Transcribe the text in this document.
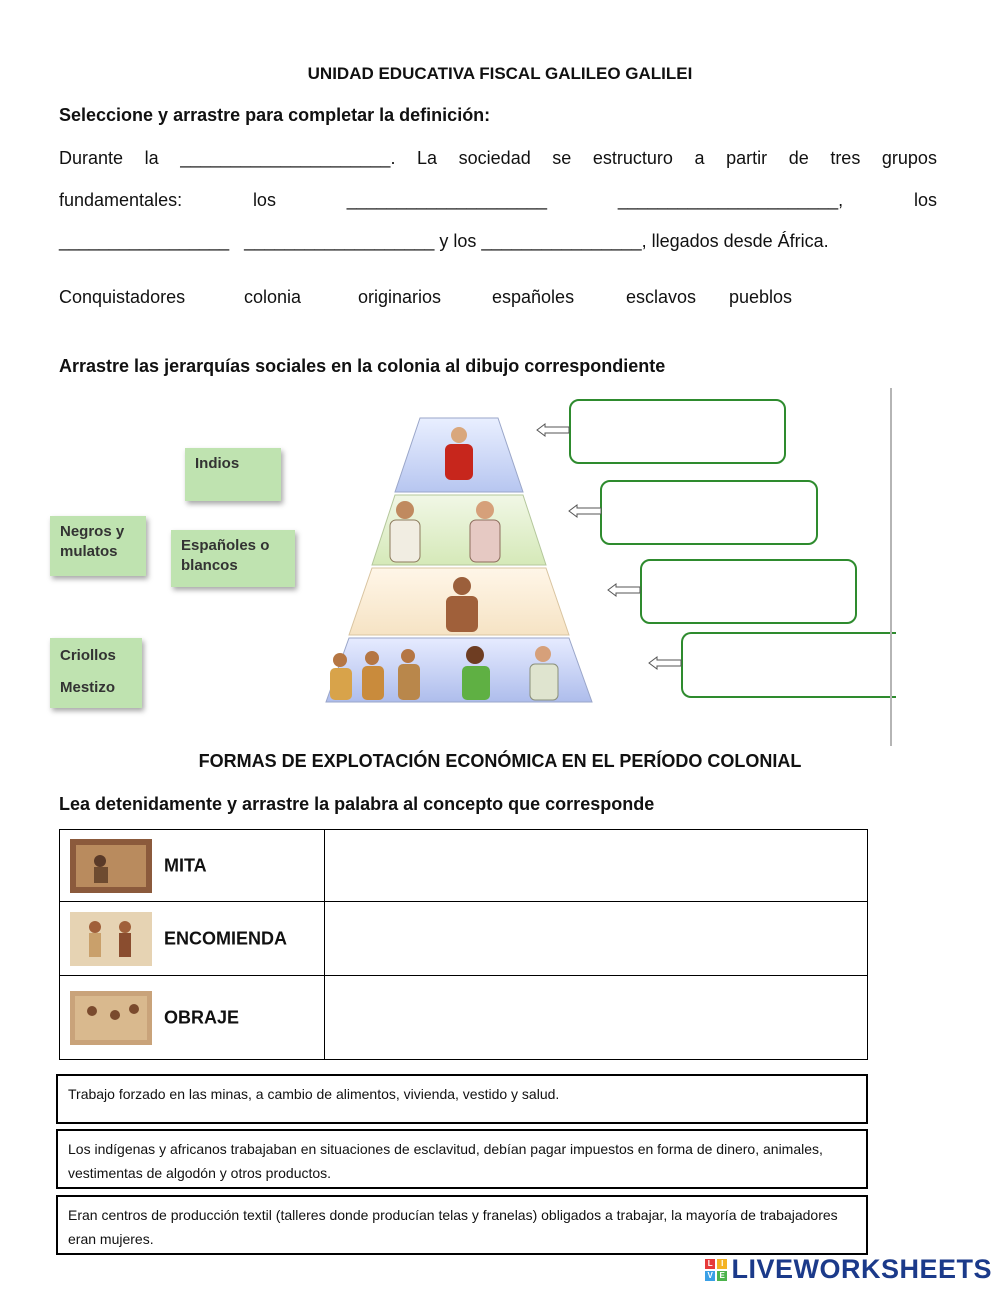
UNIDAD EDUCATIVA FISCAL GALILEO GALILEI
Seleccione y arrastre para completar la definición:
Durante la _____________________. La sociedad se estructuro a partir de tres grupos
fundamentales:	los	____________________	______________________,	los
_________________   ___________________ y los ________________, llegados desde África.
Conquistadores	colonia	originarios	españoles	esclavos pueblos
Arrastre las jerarquías sociales en la colonia al dibujo correspondiente
Indios
Negros y mulatos	Españoles o blancos
Criollos
Mestizo
FORMAS DE EXPLOTACIÓN ECONÓMICA EN EL PERÍODO COLONIAL
Lea detenidamente y arrastre la palabra al concepto que corresponde
MITA	
ENCOMIENDA	
OBRAJE	
Trabajo forzado en las minas, a cambio de alimentos, vivienda, vestido y salud.
Los indígenas y africanos trabajaban en situaciones de esclavitud, debían pagar impuestos en forma de dinero, animales, vestimentas de algodón y otros productos.
Eran centros de producción textil (talleres donde producían telas y franelas) obligados a trabajar, la mayoría de trabajadores eran mujeres.
L I
V E LIVEWORKSHEETS
